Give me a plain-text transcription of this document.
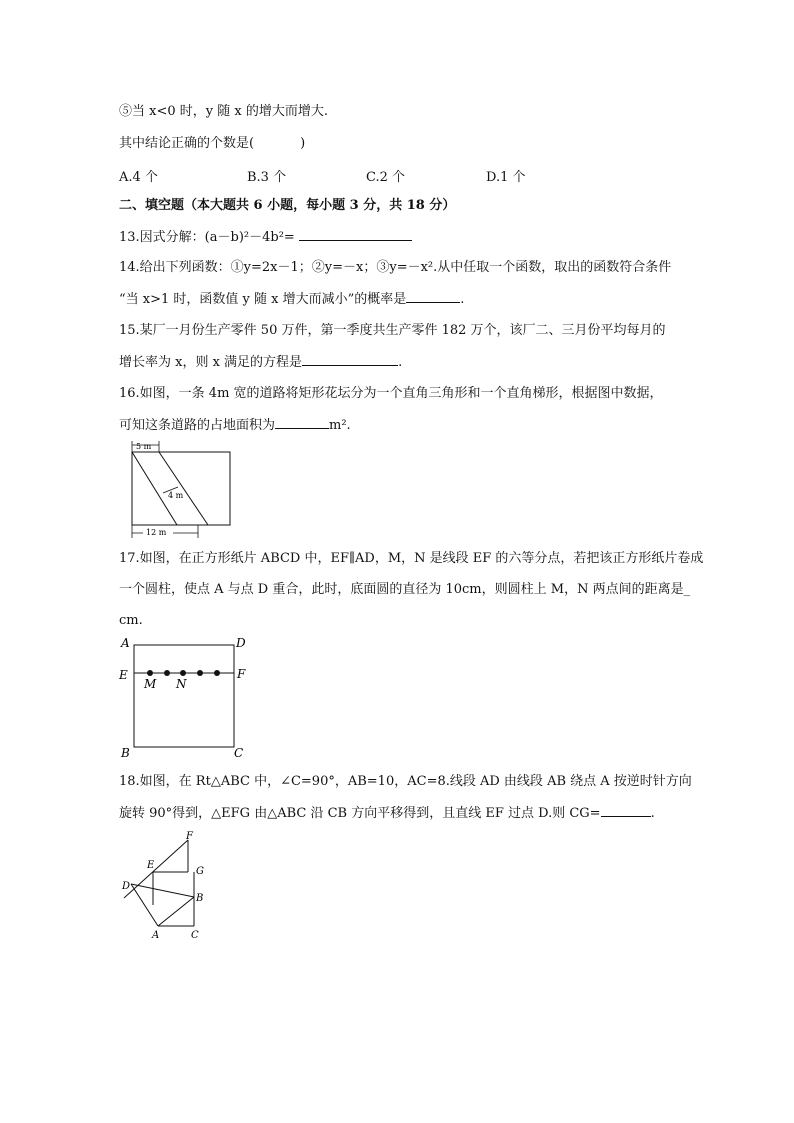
⑤当 x<0 时，y 随 x 的增大而增大.
其中结论正确的个数是(	)
A.4 个	B.3 个	C.2 个	D.1 个
二、填空题（本大题共 6 小题，每小题 3 分，共 18 分）
13.因式分解：(a－b)²－4b²=
14.给出下列函数：①y=2x－1；②y=－x；③y=－x².从中任取一个函数，取出的函数符合条件
“当 x>1 时，函数值 y 随 x 增大而减小”的概率是	.
15.某厂一月份生产零件 50 万件，第一季度共生产零件 182 万个，该厂二、三月份平均每月的
增长率为 x，则 x 满足的方程是	.
16.如图，一条 4m 宽的道路将矩形花坛分为一个直角三角形和一个直角梯形，根据图中数据，
可知这条道路的占地面积为	m².
5 m
4 m
12 m
17.如图，在正方形纸片 ABCD 中，EF∥AD，M，N 是线段 EF 的六等分点，若把该正方形纸片卷成
一个圆柱，使点 A 与点 D 重合，此时，底面圆的直径为 10cm，则圆柱上 M，N 两点间的距离是_
cm.
A	D
E	F
M N
B	C
18.如图，在 Rt△ABC 中，∠C=90°，AB=10，AC=8.线段 AD 由线段 AB 绕点 A 按逆时针方向
旋转 90°得到，△EFG 由△ABC 沿 CB 方向平移得到，且直线 EF 过点 D.则 CG=	.
F
E
G
D
B
A	C
